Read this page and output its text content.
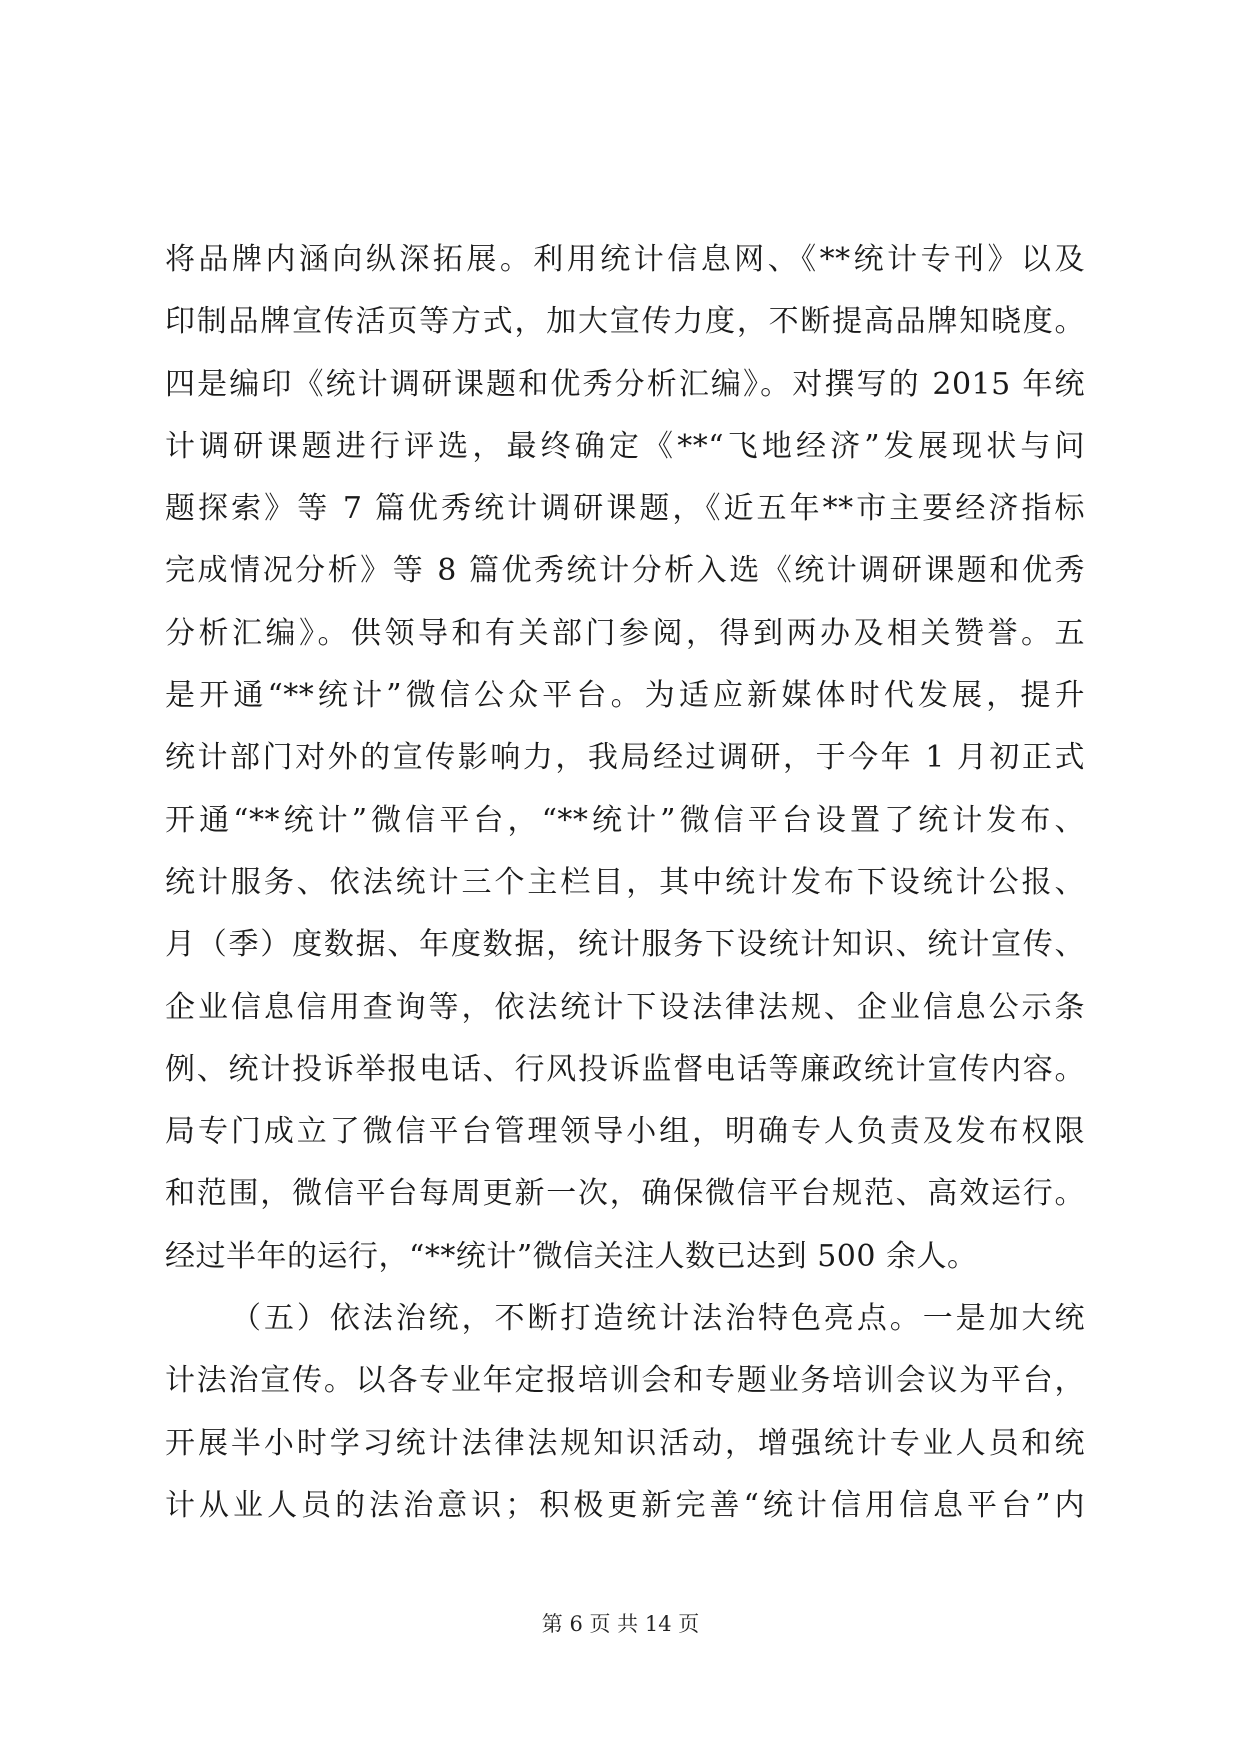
将品牌内涵向纵深拓展。利用统计信息网、《**统计专刊》以及
印制品牌宣传活页等方式，加大宣传力度，不断提高品牌知晓度。
四是编印《统计调研课题和优秀分析汇编》。对撰写的 2015 年统
计调研课题进行评选，最终确定《**“飞地经济”发展现状与问
题探索》等 7 篇优秀统计调研课题，《近五年**市主要经济指标
完成情况分析》等 8 篇优秀统计分析入选《统计调研课题和优秀
分析汇编》。供领导和有关部门参阅，得到两办及相关赞誉。五
是开通“**统计”微信公众平台。为适应新媒体时代发展，提升
统计部门对外的宣传影响力，我局经过调研，于今年 1 月初正式
开通“**统计”微信平台，“**统计”微信平台设置了统计发布、
统计服务、依法统计三个主栏目，其中统计发布下设统计公报、
月（季）度数据、年度数据，统计服务下设统计知识、统计宣传、
企业信息信用查询等，依法统计下设法律法规、企业信息公示条
例、统计投诉举报电话、行风投诉监督电话等廉政统计宣传内容。
局专门成立了微信平台管理领导小组，明确专人负责及发布权限
和范围，微信平台每周更新一次，确保微信平台规范、高效运行。
经过半年的运行，“**统计”微信关注人数已达到 500 余人。
（五）依法治统，不断打造统计法治特色亮点。一是加大统
计法治宣传。以各专业年定报培训会和专题业务培训会议为平台，
开展半小时学习统计法律法规知识活动，增强统计专业人员和统
计从业人员的法治意识；积极更新完善“统计信用信息平台”内
第 6 页 共 14 页
